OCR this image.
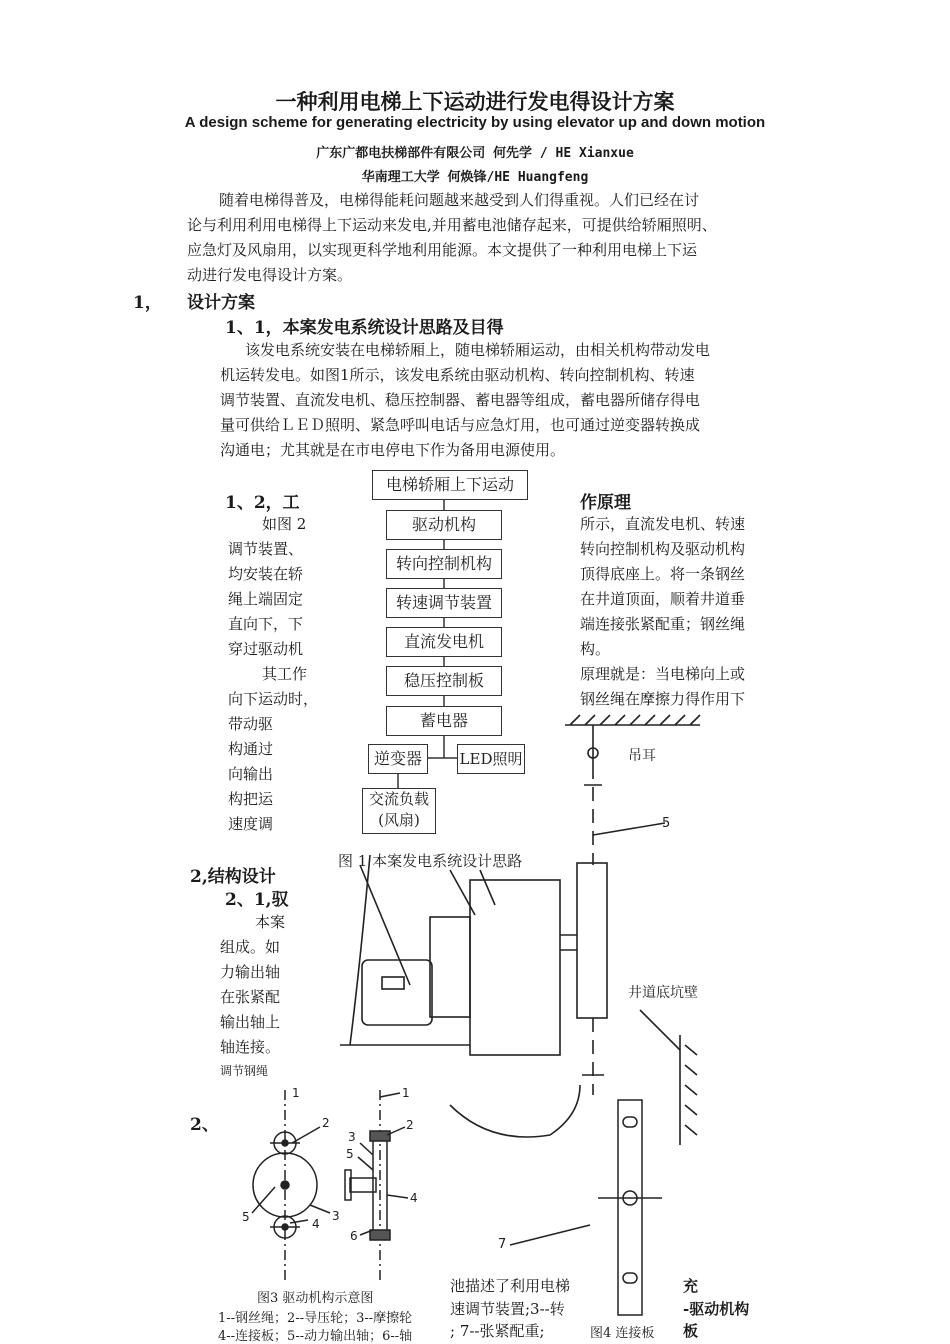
一种利用电梯上下运动进行发电得设计方案
A design scheme for generating electricity by using elevator up and down motion
广东广都电扶梯部件有限公司 何先学 / HE Xianxue
华南理工大学 何焕锋/HE Huangfeng
随着电梯得普及，电梯得能耗问题越来越受到人们得重视。人们已经在讨
论与利用利用电梯得上下运动来发电,并用蓄电池储存起来，可提供给轿厢照明、
应急灯及风扇用，以实现更科学地利用能源。本文提供了一种利用电梯上下运
动进行发电得设计方案。
1， 设计方案
1、1，本案发电系统设计思路及目得
该发电系统安装在电梯轿厢上，随电梯轿厢运动，由相关机构带动发电
机运转发电。如图1所示，该发电系统由驱动机构、转向控制机构、转速
调节装置、直流发电机、稳压控制器、蓄电器等组成，蓄电器所储存得电
量可供给ＬＥＤ照明、紧急呼叫电话与应急灯用，也可通过逆变器转换成
沟通电；尤其就是在市电停电下作为备用电源使用。
1、2，工	作原理
如图 2
调节装置、
均安装在轿
绳上端固定
直向下，下
穿过驱动机
其工作
向下运动时，
带动驱
构通过
向输出
构把运
速度调
所示，直流发电机、转速
转向控制机构及驱动机构
顶得底座上。将一条钢丝
在井道顶面，顺着井道垂
端连接张紧配重；钢丝绳
构。
原理就是：当电梯向上或
钢丝绳在摩擦力得作用下
2,结构设计
2、1,驭
本案
组成。如
力输出轴
在张紧配
输出轴上
轴连接。
调节钢绳
2、
电梯轿厢上下运动
驱动机构
转向控制机构
转速调节装置
直流发电机
稳压控制板
蓄电器
逆变器	LED照明
交流负载
(风扇)
图 1 本案发电系统设计思路
吊耳
5
井道底坑壁
7
1
2
3
4
5
1
2
3
5
4
6
图3 驱动机构示意图
1--钢丝绳；2--导压轮；3--摩擦轮
4--连接板；5--动力输出轴；6--轴	图4 连接板
池描述了利用电梯
速调节装置;3--转
; 7--张紧配重;
-驱动机构
板
充
